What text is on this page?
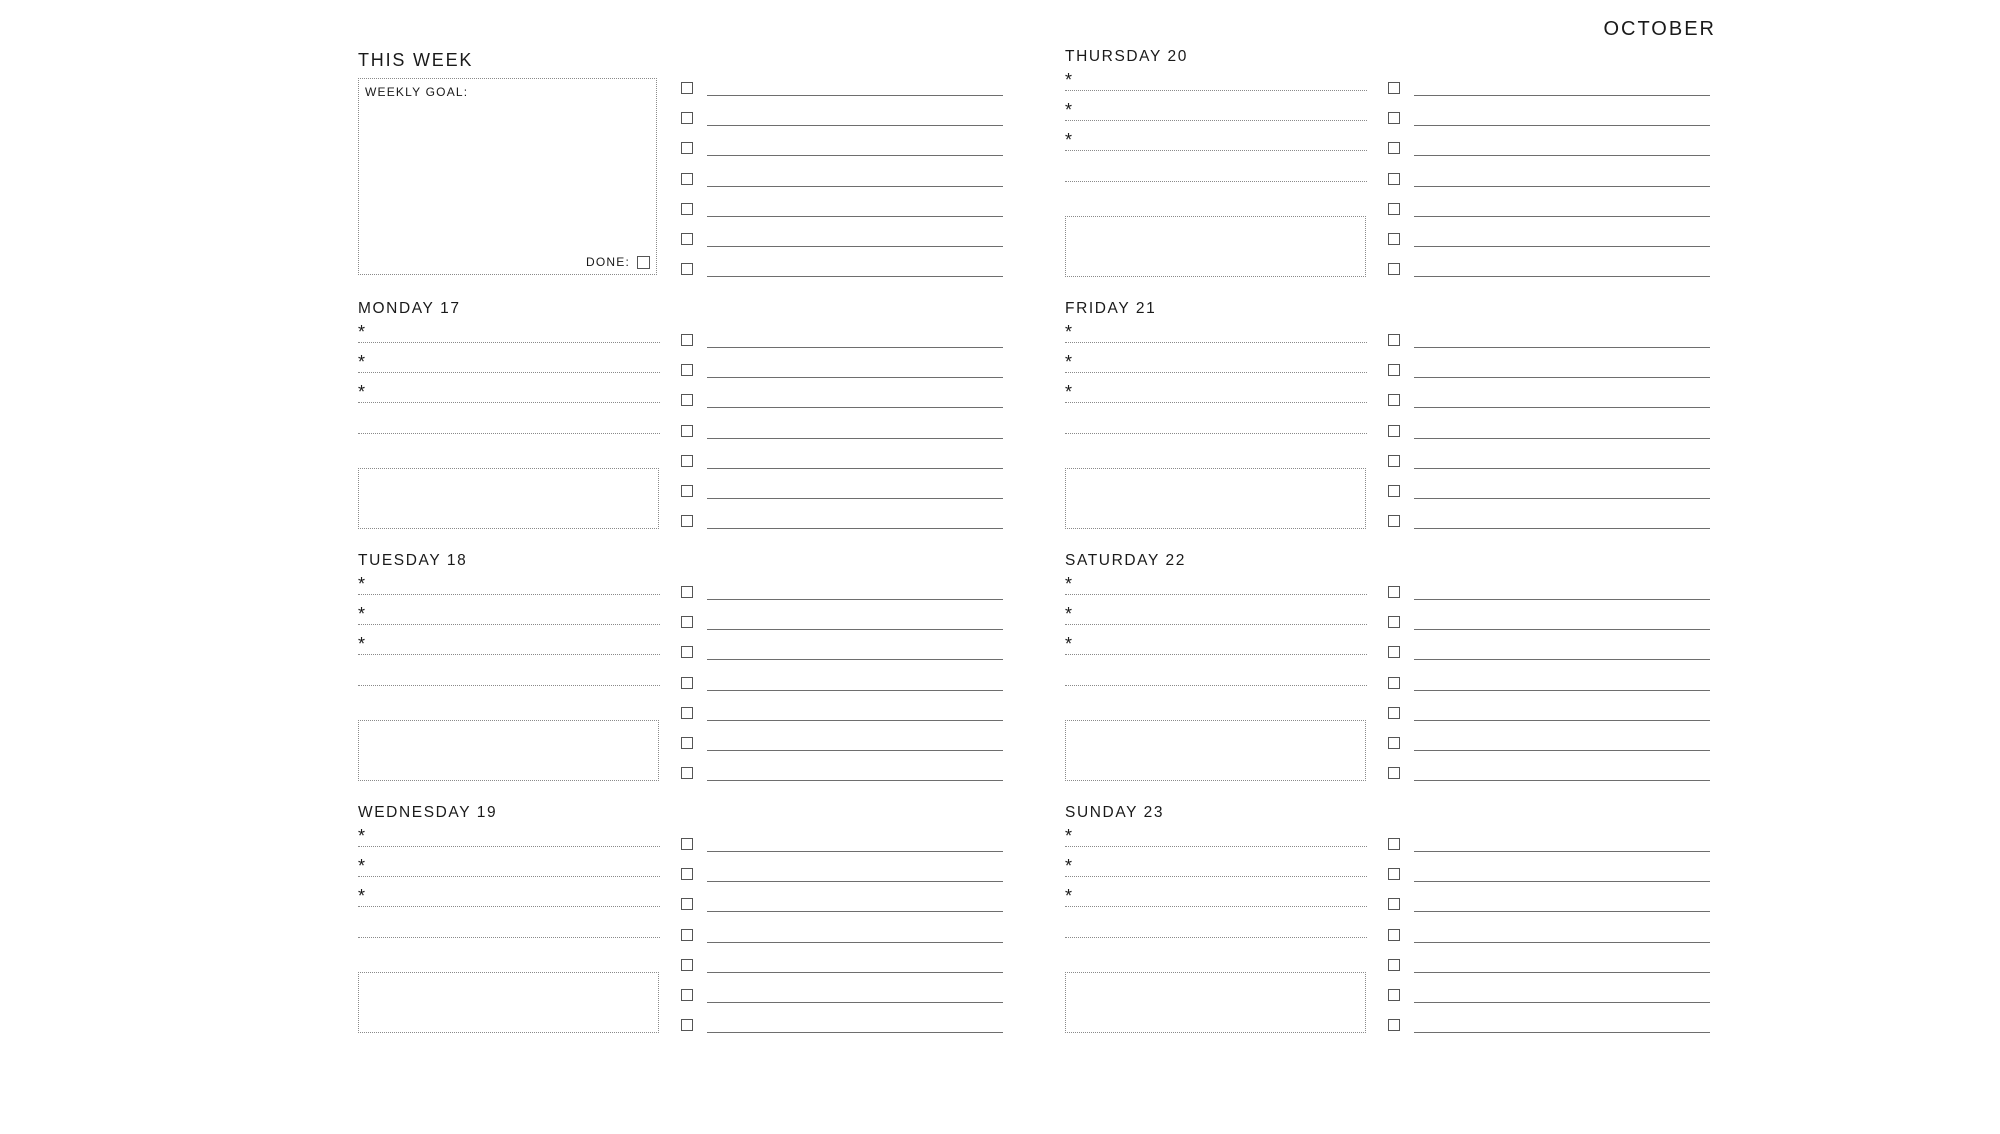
OCTOBER
THIS WEEK
WEEKLY GOAL:
DONE:
MONDAY 17
*
*
*
TUESDAY 18
*
*
*
WEDNESDAY 19
*
*
*
THURSDAY 20
*
*
*
FRIDAY 21
*
*
*
SATURDAY 22
*
*
*
SUNDAY 23
*
*
*
